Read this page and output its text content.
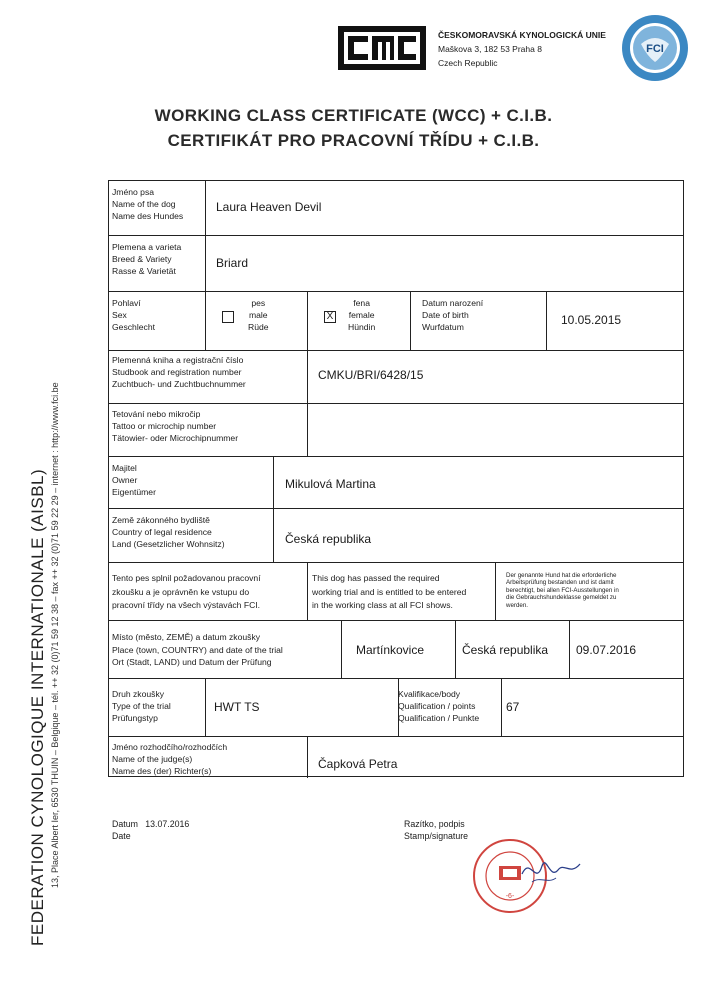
ČESKOMORAVSKÁ KYNOLOGICKÁ UNIE
Maškova 3, 182 53 Praha 8
Czech Republic
FCI
WORKING CLASS CERTIFICATE (WCC) + C.I.B.
CERTIFIKÁT PRO PRACOVNÍ TŘÍDU + C.I.B.
FEDERATION CYNOLOGIQUE INTERNATIONALE (AISBL) 13, Place Albert Ier, 6530 THUIN – Belgique – tél. ++ 32 (0)71 59 12 38 – fax ++ 32 (0)71 59 22 29 – internet : http://www.fci.be
Jméno psa
Name of the dog
Name des Hundes
Laura Heaven Devil
Plemena a varieta
Breed & Variety
Rasse & Varietät
Briard
Pohlaví
Sex
Geschlecht
pes
male
Rüde
X
fena
female
Hündin
Datum narození
Date of birth
Wurfdatum
10.05.2015
Plemenná kniha a registrační číslo
Studbook and registration number
Zuchtbuch- und Zuchtbuchnummer
CMKU/BRI/6428/15
Tetování nebo mikročip
Tattoo or microchip number
Tätowier- oder Microchipnummer
Majitel
Owner
Eigentümer
Mikulová Martina
Země zákonného bydliště
Country of legal residence
Land (Gesetzlicher Wohnsitz)	Česká republika
Tento pes splnil požadovanou pracovní
zkoušku a je oprávněn ke vstupu do
pracovní třídy na všech výstavách FCI.
This dog has passed the required
working trial and is entitled to be entered
in the working class at all FCI shows.
Der genannte Hund hat die erforderliche
Arbeitsprüfung bestanden und ist damit
berechtigt, bei allen FCI-Ausstellungen in
die Gebrauchshundeklasse gemeldet zu
werden.
Místo (město, ZEMĚ) a datum zkoušky
Place (town, COUNTRY) and date of the trial
Ort (Stadt, LAND) und Datum der Prüfung
Martínkovice	Česká republika 09.07.2016
Druh zkoušky
Type of the trial
Prüfungstyp
HWT TS
Kvalifikace/body
Qualification / points
Qualification / Punkte
67
Jméno rozhodčího/rozhodčích
Name of the judge(s)
Name des (der) Richter(s)
Čapková Petra
Datum 13.07.2016
Date
Razítko, podpis
Stamp/signature
-6-
